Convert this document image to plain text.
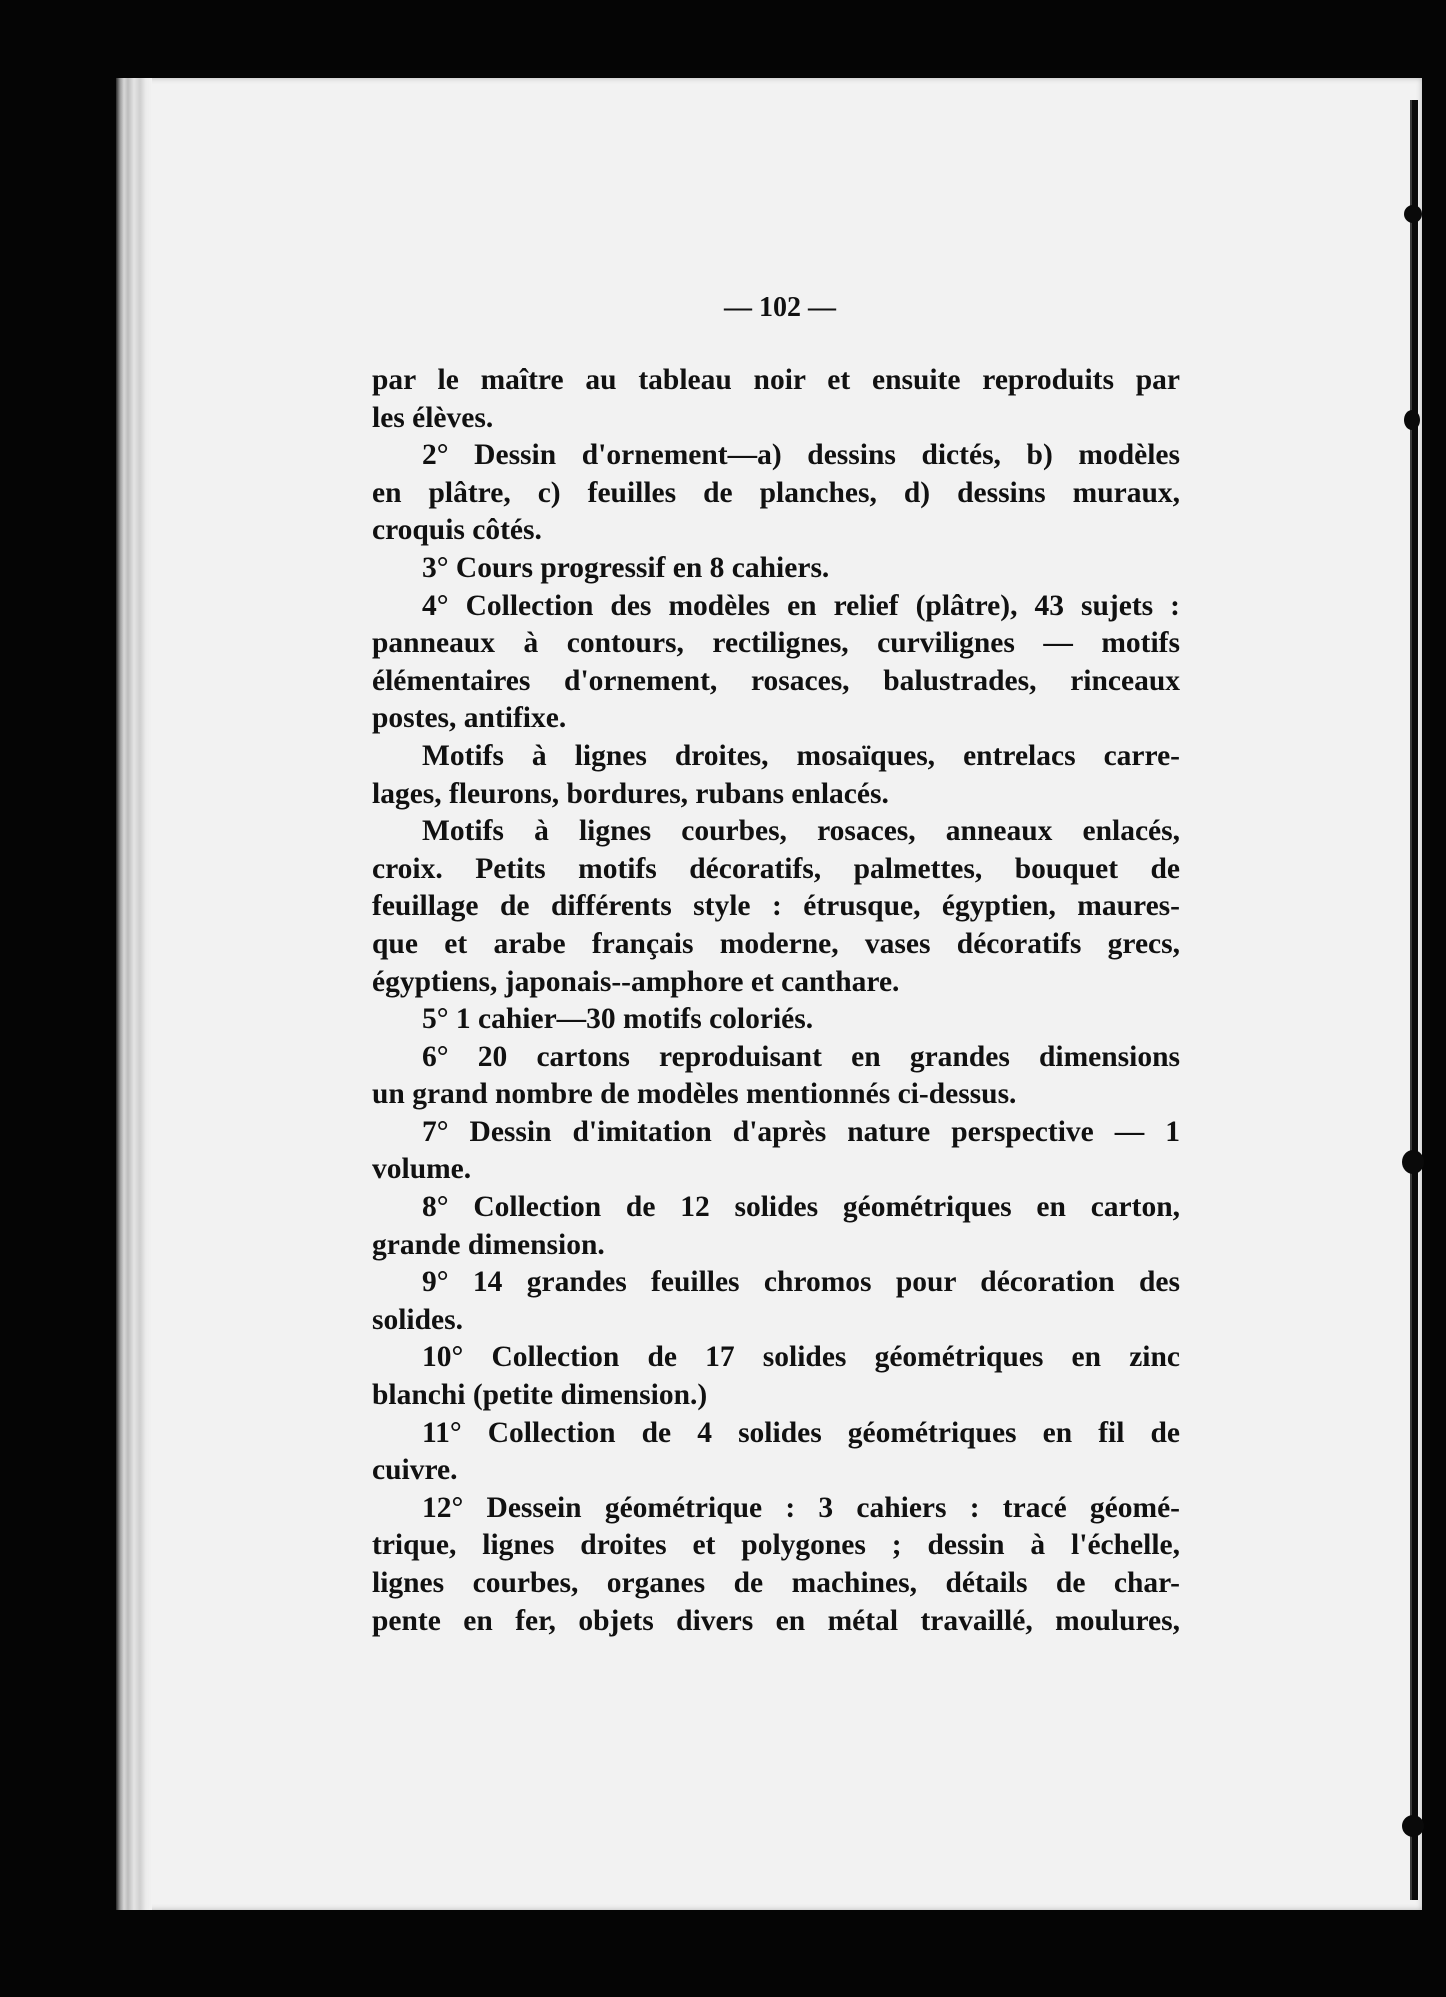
— 102 —
par le maître au tableau noir et ensuite reproduits par
les élèves.
2° Dessin d'ornement—a) dessins dictés, b) modèles
en plâtre, c) feuilles de planches, d) dessins muraux,
croquis côtés.
3° Cours progressif en 8 cahiers.
4° Collection des modèles en relief (plâtre), 43 sujets :
panneaux à contours, rectilignes, curvilignes — motifs
élémentaires d'ornement, rosaces, balustrades, rinceaux
postes, antifixe.
Motifs à lignes droites, mosaïques, entrelacs carre-
lages, fleurons, bordures, rubans enlacés.
Motifs à lignes courbes, rosaces, anneaux enlacés,
croix. Petits motifs décoratifs, palmettes, bouquet de
feuillage de différents style : étrusque, égyptien, maures-
que et arabe français moderne, vases décoratifs grecs,
égyptiens, japonais--amphore et canthare.
5° 1 cahier—30 motifs coloriés.
6° 20 cartons reproduisant en grandes dimensions
un grand nombre de modèles mentionnés ci-dessus.
7° Dessin d'imitation d'après nature perspective — 1
volume.
8° Collection de 12 solides géométriques en carton,
grande dimension.
9° 14 grandes feuilles chromos pour décoration des
solides.
10° Collection de 17 solides géométriques en zinc
blanchi (petite dimension.)
11° Collection de 4 solides géométriques en fil de
cuivre.
12° Dessein géométrique : 3 cahiers : tracé géomé-
trique, lignes droites et polygones ; dessin à l'échelle,
lignes courbes, organes de machines, détails de char-
pente en fer, objets divers en métal travaillé, moulures,
